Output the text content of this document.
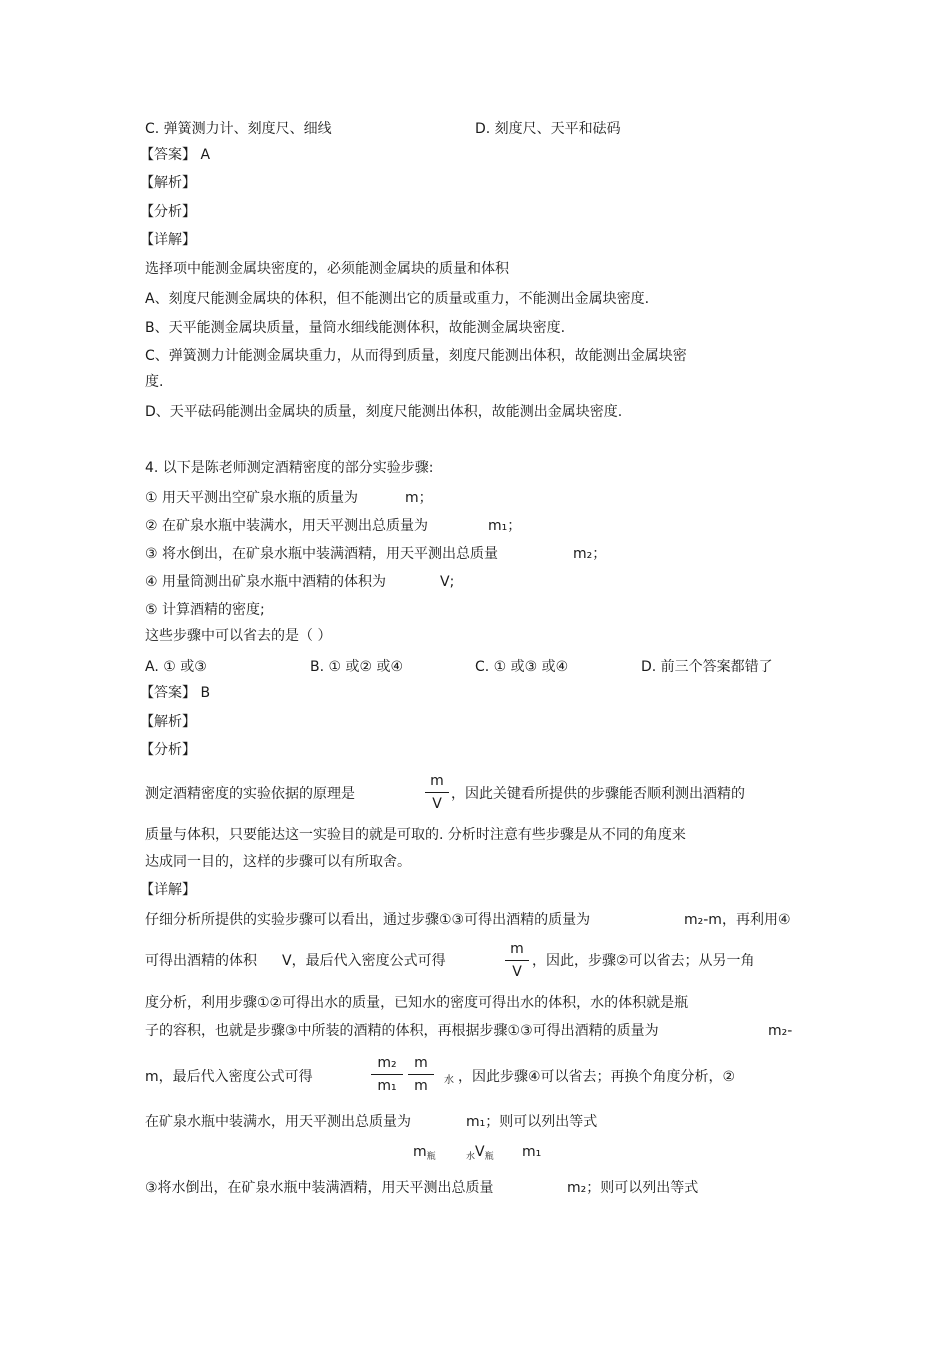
C. 弹簧测力计、刻度尺、细线	D. 刻度尺、天平和砝码
【答案】 A
【解析】
【分析】
【详解】
选择项中能测金属块密度的，必须能测金属块的质量和体积
A、刻度尺能测金属块的体积，但不能测出它的质量或重力，不能测出金属块密度.
B、天平能测金属块质量，量筒水细线能测体积，故能测金属块密度.
C、弹簧测力计能测金属块重力，从而得到质量，刻度尺能测出体积，故能测出金属块密
度.
D、天平砝码能测出金属块的质量，刻度尺能测出体积，故能测出金属块密度.
4. 以下是陈老师测定酒精密度的部分实验步骤:
① 用天平测出空矿泉水瓶的质量为	m；
② 在矿泉水瓶中装满水，用天平测出总质量为	m₁；
③ 将水倒出，在矿泉水瓶中装满酒精，用天平测出总质量	m₂；
④ 用量筒测出矿泉水瓶中酒精的体积为	V;
⑤ 计算酒精的密度;
这些步骤中可以省去的是（ ）
A. ① 或③	B. ① 或② 或④	C. ① 或③ 或④	D. 前三个答案都错了
【答案】 B
【解析】
【分析】
测定酒精密度的实验依据的原理是
m
V
，因此关键看所提供的步骤能否顺利测出酒精的
质量与体积，只要能达这一实验目的就是可取的. 分析时注意有些步骤是从不同的角度来
达成同一目的，这样的步骤可以有所取舍。
【详解】
仔细分析所提供的实验步骤可以看出，通过步骤①③可得出酒精的质量为	m₂-m，再利用④
可得出酒精的体积 V，最后代入密度公式可得
m
V
，因此，步骤②可以省去；从另一角
度分析，利用步骤①②可得出水的质量，已知水的密度可得出水的体积，水的体积就是瓶
子的容积，也就是步骤③中所装的酒精的体积，再根据步骤①③可得出酒精的质量为	m₂-
m，最后代入密度公式可得
m₂
m₁
m
m	水 ，因此步骤④可以省去；再换个角度分析，②
在矿泉水瓶中装满水，用天平测出总质量为	m₁；则可以列出等式
$m_瓶$	$_水V_瓶$ m₁
③将水倒出，在矿泉水瓶中装满酒精，用天平测出总质量	m₂；则可以列出等式
